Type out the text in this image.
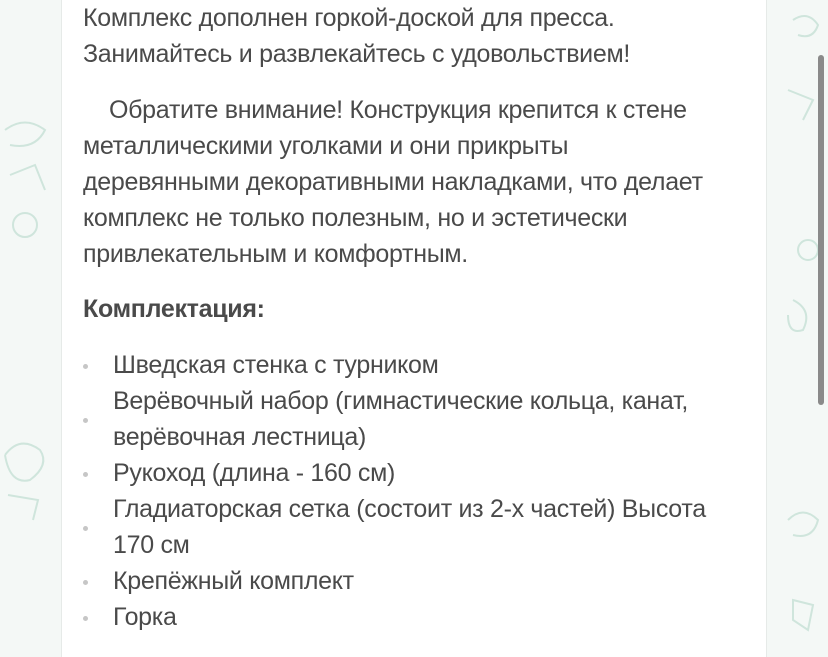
Комплекс дополнен горкой-доской для пресса.
Занимайтесь и развлекайтесь с удовольствием!

Обратите внимание! Конструкция крепится к стене
металлическими уголками и они прикрыты
деревянными декоративными накладками, что делает
комплекс не только полезным, но и эстетически
привлекательным и комфортным.

Комплектация:
Шведская стенка с турником
Верёвочный набор (гимнастические кольца, канат, верёвочная лестница)
Рукоход (длина - 160 см)
Гладиаторская сетка (состоит из 2-х частей) Высота 170 см
Крепёжный комплект
Горка
